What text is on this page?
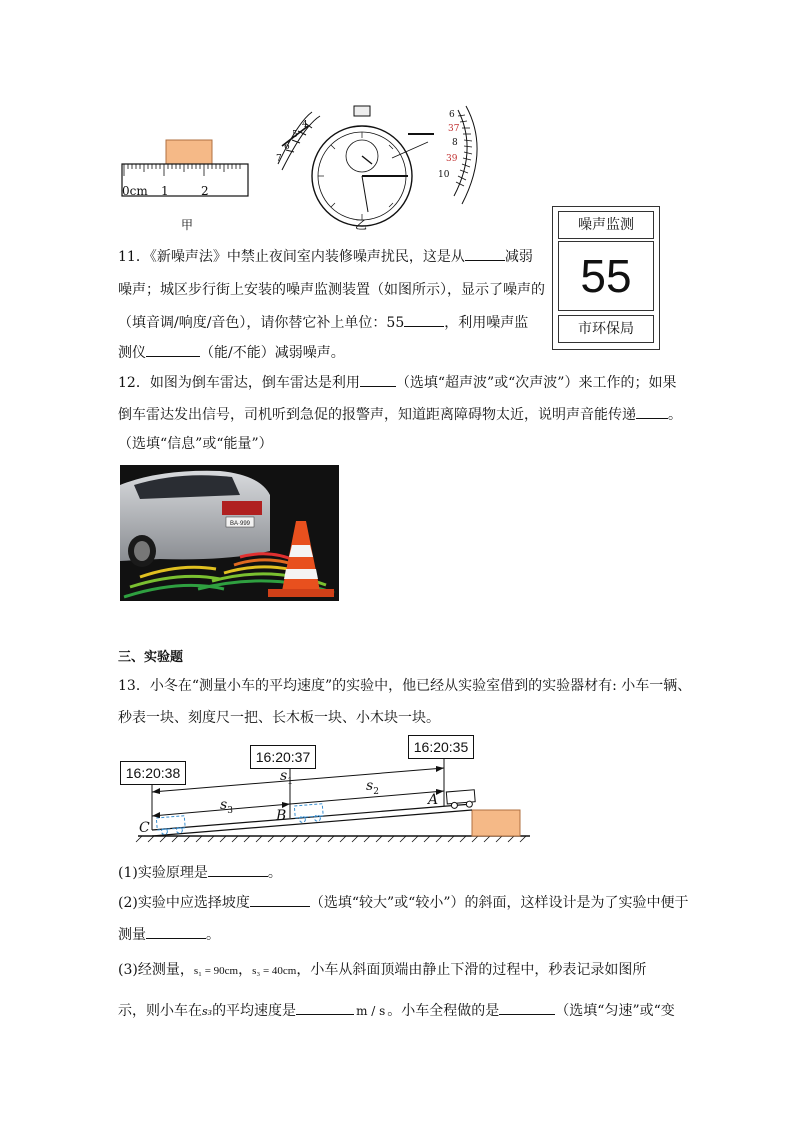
0cm 1	2
甲
4
5
6
7
6
37
8
39
10
乙	噪声监测
55
市环保局
11．《新噪声法》中禁止夜间室内装修噪声扰民，这是从	减弱
噪声；城区步行街上安装的噪声监测装置（如图所示），显示了噪声的
（填音调/响度/音色），请你替它补上单位：55	，利用噪声监
测仪	（能/不能）减弱噪声。
12．如图为倒车雷达，倒车雷达是利用	（选填“超声波”或“次声波”）来工作的；如果
倒车雷达发出信号，司机听到急促的报警声，知道距离障碍物太近，说明声音能传递 。
（选填“信息”或“能量”）
BA·999
三、实验题
13．小冬在“测量小车的平均速度”的实验中，他已经从实验室借到的实验器材有: 小车一辆、
秒表一块、刻度尺一把、长木板一块、小木块一块。
16:20:38
16:20:37
16:20:35
$s_1$	$s_2$
$s_3$
A
B
C
(1)实验原理是	。
(2)实验中应选择坡度	（选填“较大”或“较小”）的斜面，这样设计是为了实验中便于
测量	。
(3)经测量，s₁ = 90cm，s₃ = 40cm，小车从斜面顶端由静止下滑的过程中，秒表记录如图所
示，则小车在s₃的平均速度是	m / s 。小车全程做的是	（选填“匀速”或“变
